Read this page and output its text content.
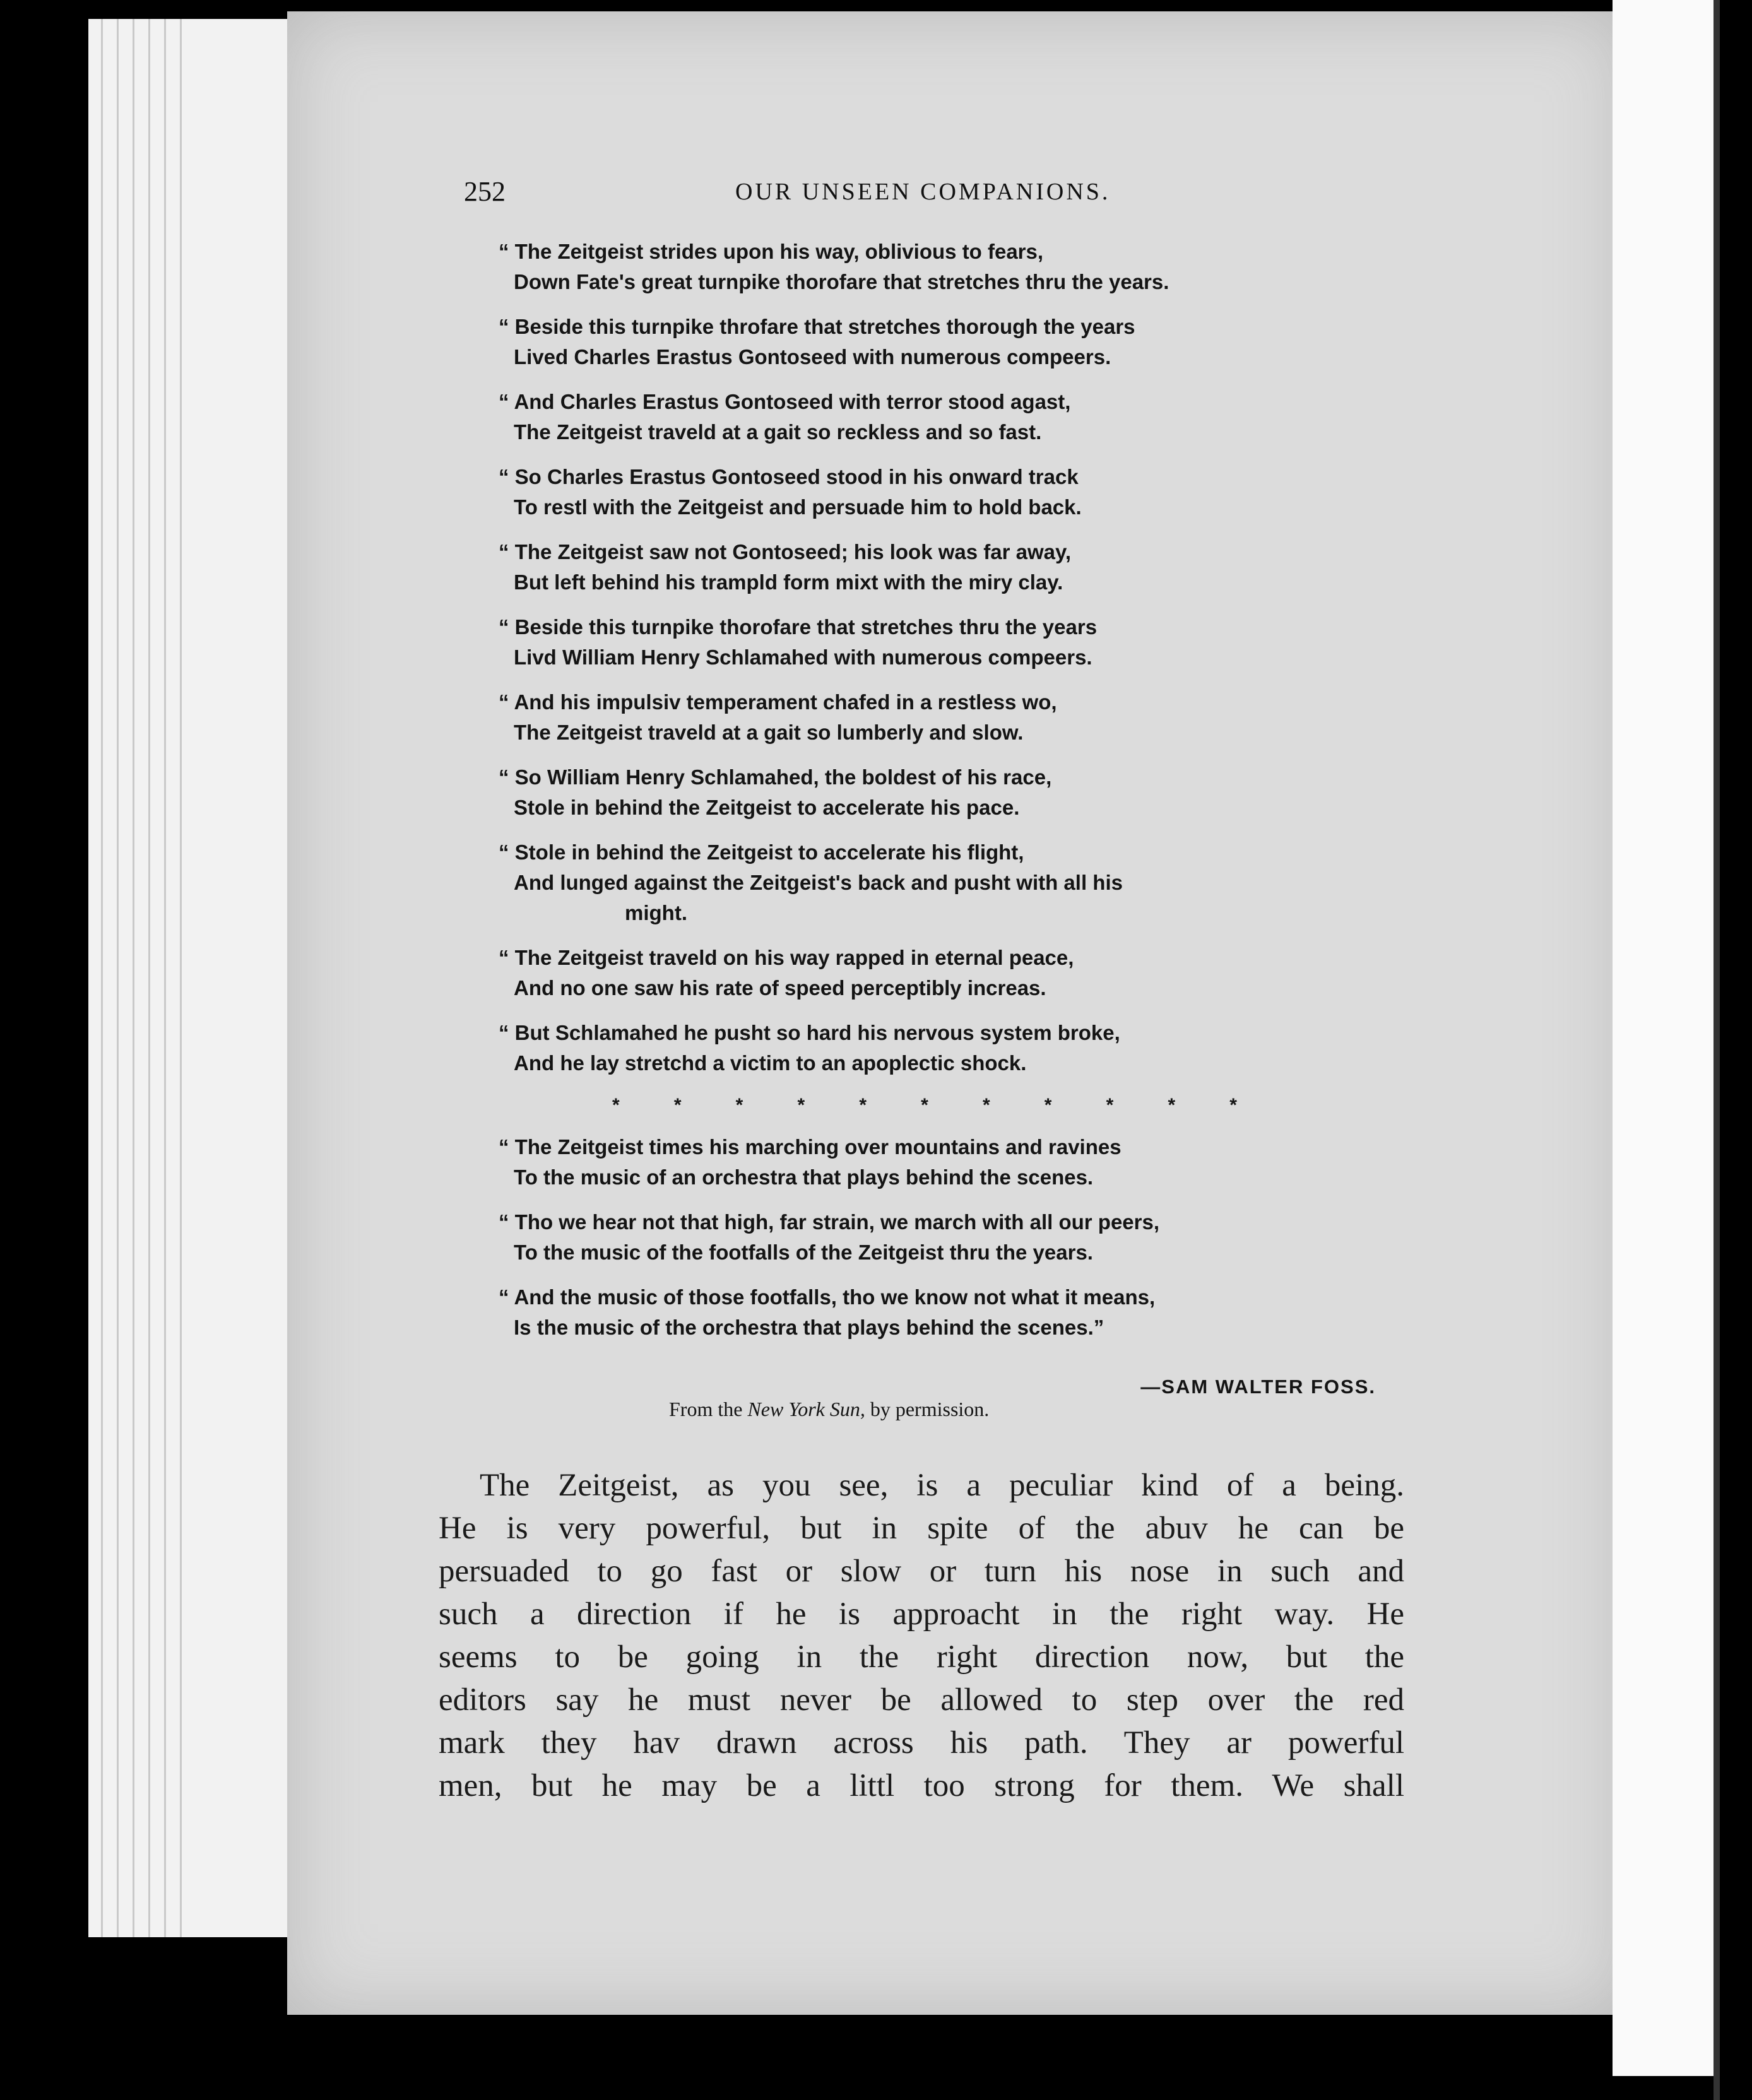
252	OUR UNSEEN COMPANIONS.
“ The Zeitgeist strides upon his way, oblivious to fears,
Down Fate's great turnpike thorofare that stretches thru the years.
“ Beside this turnpike throfare that stretches thorough the years
Lived Charles Erastus Gontoseed with numerous compeers.
“ And Charles Erastus Gontoseed with terror stood agast,
The Zeitgeist traveld at a gait so reckless and so fast.
“ So Charles Erastus Gontoseed stood in his onward track
To restl with the Zeitgeist and persuade him to hold back.
“ The Zeitgeist saw not Gontoseed; his look was far away,
But left behind his trampld form mixt with the miry clay.
“ Beside this turnpike thorofare that stretches thru the years
Livd William Henry Schlamahed with numerous compeers.
“ And his impulsiv temperament chafed in a restless wo,
The Zeitgeist traveld at a gait so lumberly and slow.
“ So William Henry Schlamahed, the boldest of his race,
Stole in behind the Zeitgeist to accelerate his pace.
“ Stole in behind the Zeitgeist to accelerate his flight,
And lunged against the Zeitgeist's back and pusht with all his
might.
“ The Zeitgeist traveld on his way rapped in eternal peace,
And no one saw his rate of speed perceptibly increas.
“ But Schlamahed he pusht so hard his nervous system broke,
And he lay stretchd a victim to an apoplectic shock.
*	*	*	*	*	*	*	*	*	*	*
“ The Zeitgeist times his marching over mountains and ravines
To the music of an orchestra that plays behind the scenes.
“ Tho we hear not that high, far strain, we march with all our peers,
To the music of the footfalls of the Zeitgeist thru the years.
“ And the music of those footfalls, tho we know not what it means,
Is the music of the orchestra that plays behind the scenes.”
—SAM WALTER FOSS.
From the New York Sun, by permission.
The Zeitgeist, as you see, is a peculiar kind of a being.
He is very powerful, but in spite of the abuv he can be
persuaded to go fast or slow or turn his nose in such and
such a direction if he is approacht in the right way. He
seems to be going in the right direction now, but the
editors say he must never be allowed to step over the red
mark they hav drawn across his path. They ar powerful
men, but he may be a littl too strong for them. We shall
